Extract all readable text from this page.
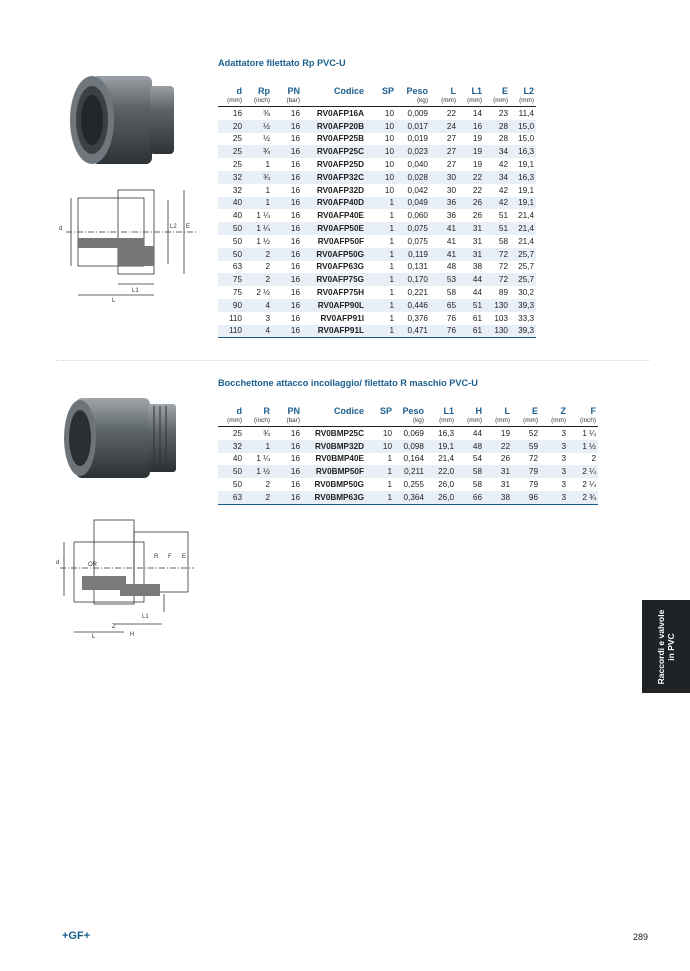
Adattatore filettato Rp PVC-U
d	L2 E
L1
L
d	Rp	PN	Codice	SP	Peso	L	L1	E	L2
(mm)	(inch)	(bar)			(kg)	(mm)	(mm)	(mm)	(mm)
16	⅜	16	RV0AFP16A	10	0,009	22	14	23	11,4
20	½	16	RV0AFP20B	10	0,017	24	16	28	15,0
25	½	16	RV0AFP25B	10	0,019	27	19	28	15,0
25	¾	16	RV0AFP25C	10	0,023	27	19	34	16,3
25	1	16	RV0AFP25D	10	0,040	27	19	42	19,1
32	¾	16	RV0AFP32C	10	0,028	30	22	34	16,3
32	1	16	RV0AFP32D	10	0,042	30	22	42	19,1
40	1	16	RV0AFP40D	1	0,049	36	26	42	19,1
40	1 ¼	16	RV0AFP40E	1	0,060	36	26	51	21,4
50	1 ¼	16	RV0AFP50E	1	0,075	41	31	51	21,4
50	1 ½	16	RV0AFP50F	1	0,075	41	31	58	21,4
50	2	16	RV0AFP50G	1	0,119	41	31	72	25,7
63	2	16	RV0AFP63G	1	0,131	48	38	72	25,7
75	2	16	RV0AFP75G	1	0,170	53	44	72	25,7
75	2 ½	16	RV0AFP75H	1	0,221	58	44	89	30,2
90	4	16	RV0AFP90L	1	0,446	65	51	130	39,3
110	3	16	RV0AFP91I	1	0,376	76	61	103	33,3
110	4	16	RV0AFP91L	1	0,471	76	61	130	39,3
Bocchettone attacco incollaggio/ filettato R maschio PVC-U
d	OR
R F E
L1
L
Z
H
d	R	PN	Codice	SP	Peso	L1	H	L	E	Z	F
(mm)	(inch)	(bar)			(kg)	(mm)	(mm)	(mm)	(mm)	(mm)	(inch)
25	¾	16	RV0BMP25C	10	0,069	16,3	44	19	52	3	1 ¼
32	1	16	RV0BMP32D	10	0,098	19,1	48	22	59	3	1 ½
40	1 ¼	16	RV0BMP40E	1	0,164	21,4	54	26	72	3	2
50	1 ½	16	RV0BMP50F	1	0,211	22,0	58	31	79	3	2 ¼
50	2	16	RV0BMP50G	1	0,255	26,0	58	31	79	3	2 ¼
63	2	16	RV0BMP63G	1	0,364	26,0	66	38	96	3	2 ¾
Raccordi e valvole in PVC
+GF+	289
